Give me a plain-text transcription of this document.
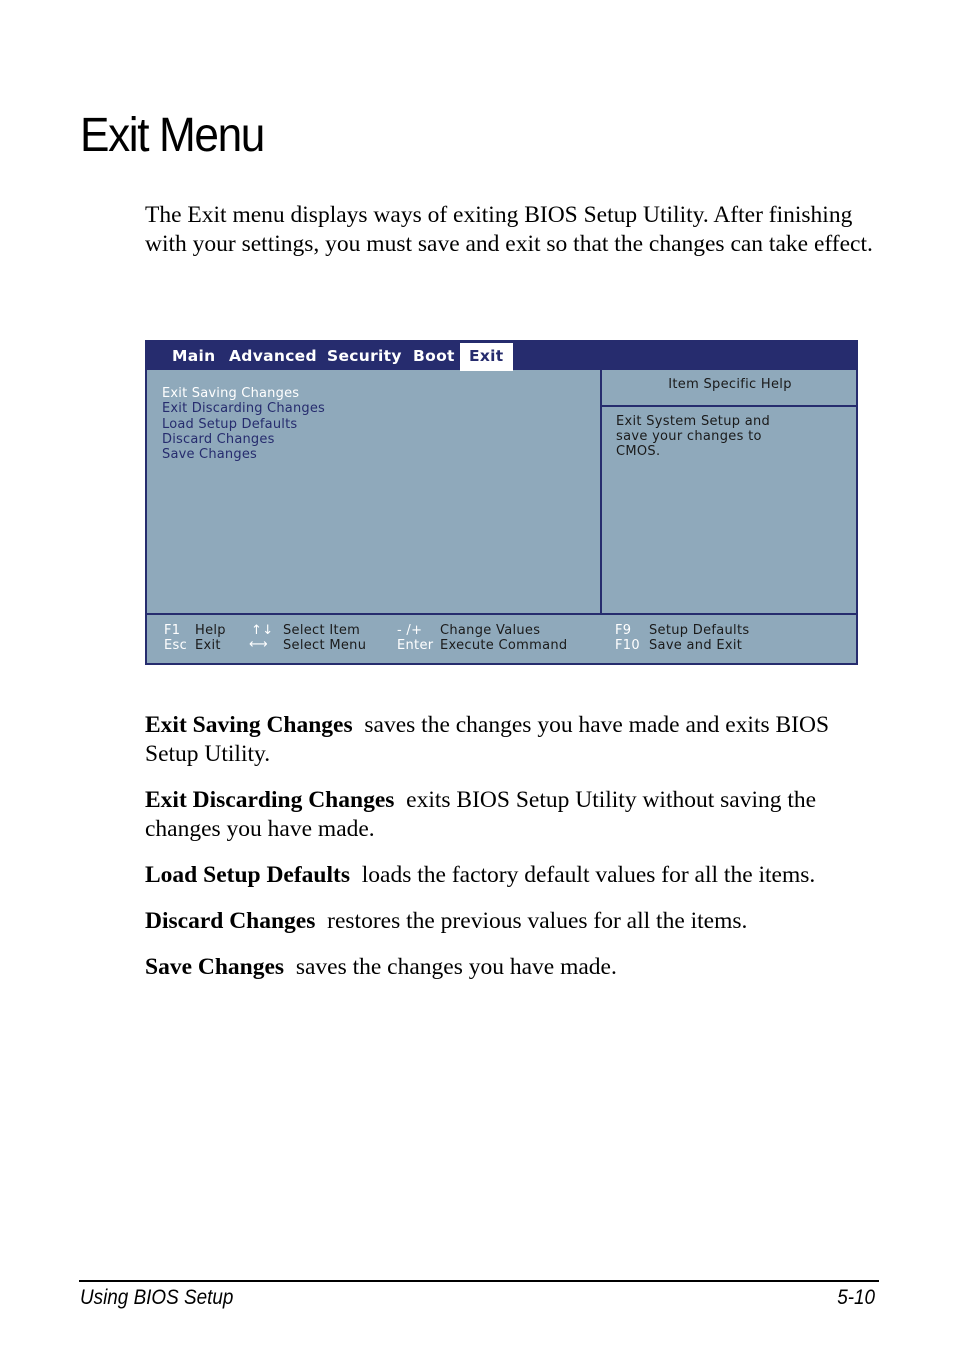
Exit Menu

The Exit menu displays ways of exiting BIOS Setup Utility. After finishing with your settings, you must save and exit so that the changes can take effect.

Main Advanced Security Boot Exit
Exit Saving Changes
Exit Discarding Changes
Load Setup Defaults
Discard Changes
Save Changes
Item Specific Help
Exit System Setup and
save your changes to
CMOS.
F1 Help
Esc Exit
↑↓ Select Item
⟷ Select Menu
- /+ Change Values
Enter Execute Command
F9 Setup Defaults
F10 Save and Exit

Exit Saving Changes saves the changes you have made and exits BIOS Setup Utility.

Exit Discarding Changes exits BIOS Setup Utility without saving the changes you have made.

Load Setup Defaults loads the factory default values for all the items.

Discard Changes restores the previous values for all the items.

Save Changes saves the changes you have made.

Using BIOS Setup	5-10
